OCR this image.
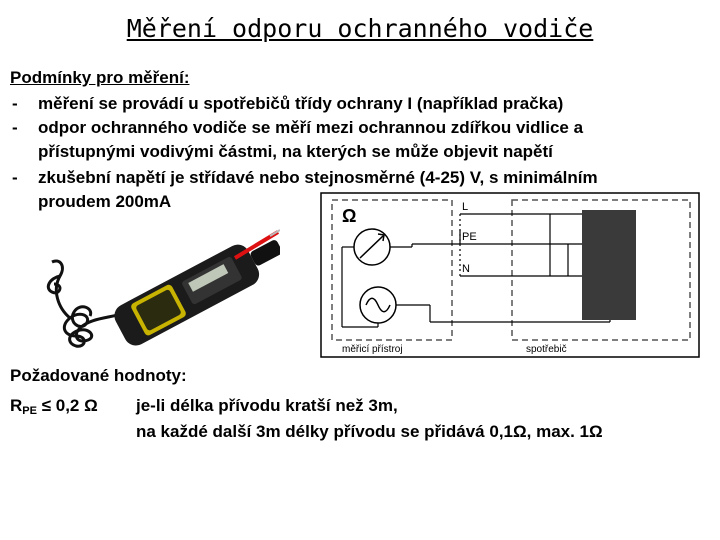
Měření odporu ochranného vodiče
Podmínky pro měření:
- měření se provádí u spotřebičů třídy ochrany I (například pračka)
- odpor ochranného vodiče se měří mezi ochrannou zdířkou vidlice a
přístupnými vodivými částmi, na kterých se může objevit napětí
- zkušební napětí je střídavé nebo stejnosměrné (4-25) V, s minimálním
proudem 200mA
Ω	L
PE
N
měřicí přístroj	spotřebič
Požadované hodnoty:
$R_{PE} \le 0,2$ Ω je-li délka přívodu kratší než 3m,
na každé další 3m délky přívodu se přidává 0,1Ω, max. 1Ω
